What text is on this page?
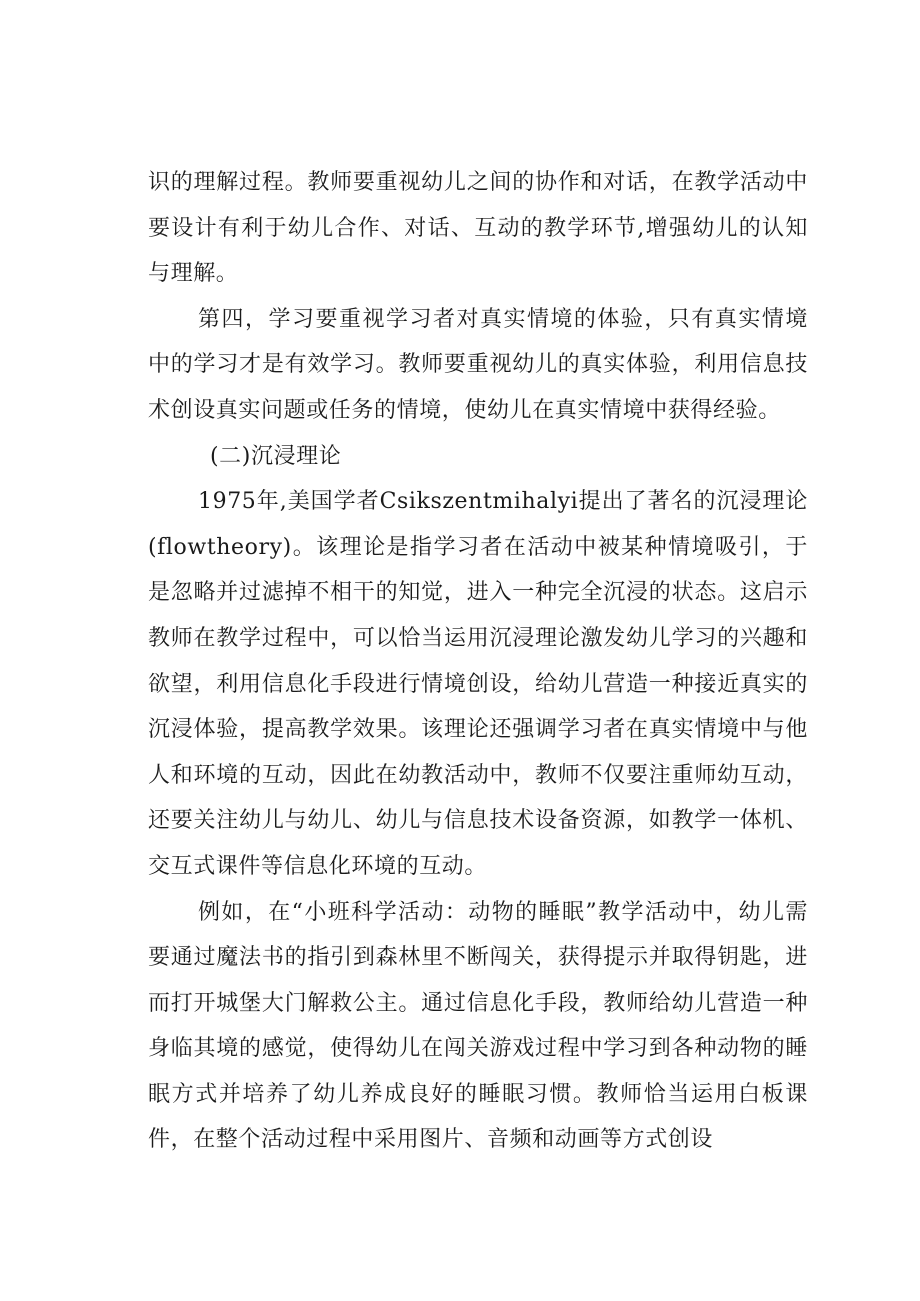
识的理解过程。教师要重视幼儿之间的协作和对话，在教学活动中要设计有利于幼儿合作、对话、互动的教学环节,增强幼儿的认知与理解。

第四，学习要重视学习者对真实情境的体验，只有真实情境中的学习才是有效学习。教师要重视幼儿的真实体验，利用信息技术创设真实问题或任务的情境，使幼儿在真实情境中获得经验。

(二)沉浸理论

1975年,美国学者Csikszentmihalyi提出了著名的沉浸理论(flowtheory)。该理论是指学习者在活动中被某种情境吸引，于是忽略并过滤掉不相干的知觉，进入一种完全沉浸的状态。这启示教师在教学过程中，可以恰当运用沉浸理论激发幼儿学习的兴趣和欲望，利用信息化手段进行情境创设，给幼儿营造一种接近真实的沉浸体验，提高教学效果。该理论还强调学习者在真实情境中与他人和环境的互动，因此在幼教活动中，教师不仅要注重师幼互动，还要关注幼儿与幼儿、幼儿与信息技术设备资源，如教学一体机、交互式课件等信息化环境的互动。

例如，在“小班科学活动：动物的睡眠”教学活动中，幼儿需要通过魔法书的指引到森林里不断闯关，获得提示并取得钥匙，进而打开城堡大门解救公主。通过信息化手段，教师给幼儿营造一种身临其境的感觉，使得幼儿在闯关游戏过程中学习到各种动物的睡眠方式并培养了幼儿养成良好的睡眠习惯。教师恰当运用白板课件，在整个活动过程中采用图片、音频和动画等方式创设
